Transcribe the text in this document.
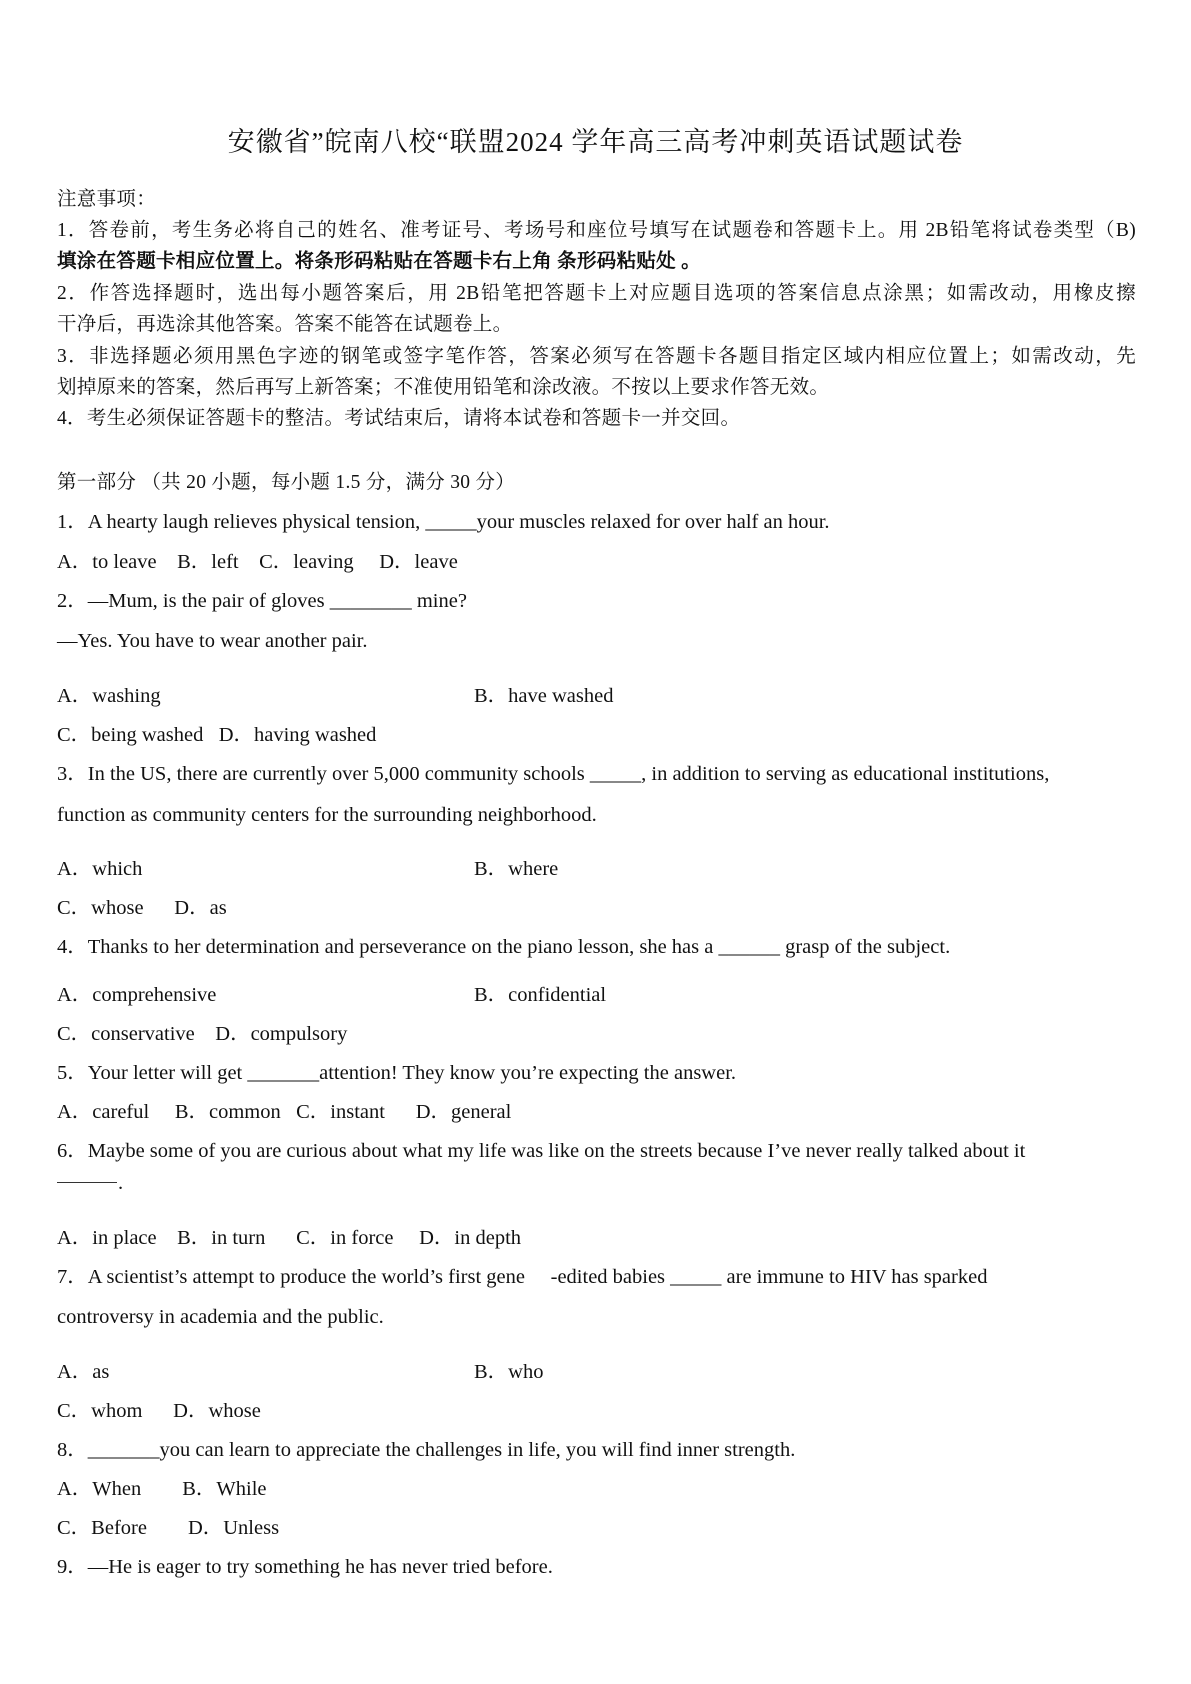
安徽省”皖南八校“联盟2024 学年高三高考冲刺英语试题试卷
注意事项：
1．答卷前，考生务必将自己的姓名、准考证号、考场号和座位号填写在试题卷和答题卡上。用 2B铅笔将试卷类型（B)
填涂在答题卡相应位置上。将条形码粘贴在答题卡右上角 条形码粘贴处 。
2．作答选择题时，选出每小题答案后，用 2B铅笔把答题卡上对应题目选项的答案信息点涂黑；如需改动，用橡皮擦
干净后，再选涂其他答案。答案不能答在试题卷上。
3．非选择题必须用黑色字迹的钢笔或签字笔作答，答案必须写在答题卡各题目指定区域内相应位置上；如需改动，先
划掉原来的答案，然后再写上新答案；不准使用铅笔和涂改液。不按以上要求作答无效。
4．考生必须保证答题卡的整洁。考试结束后，请将本试卷和答题卡一并交回。
第一部分 （共 20 小题，每小题 1.5 分，满分 30 分）
1．A hearty laugh relieves physical tension, _____your muscles relaxed for over half an hour.
A．to leave    B．left    C．leaving     D．leave
2．—Mum, is the pair of gloves ________ mine?
—Yes. You have to wear another pair.
A．washing	B．have washed
C．being washed   D．having washed
3．In the US, there are currently over 5,000 community schools _____, in addition to serving as educational institutions,
function as community centers for the surrounding neighborhood.
A．which	B．where
C．whose      D．as
4．Thanks to her determination and perseverance on the piano lesson, she has a ______ grasp of the subject.
A．comprehensive	B．confidential
C．conservative    D．compulsory
5．Your letter will get _______attention! They know you’re expecting the answer.
A．careful     B．common   C．instant      D．general
6．Maybe some of you are curious about what my life was like on the streets because I’ve never really talked about it
.
A．in place    B．in turn      C．in force     D．in depth
7．A scientist’s attempt to produce the world’s first gene     -edited babies _____ are immune to HIV has sparked
controversy in academia and the public.
A．as	B．who
C．whom      D．whose
8．_______you can learn to appreciate the challenges in life, you will find inner strength.
A．When        B．While
C．Before        D．Unless
9．—He is eager to try something he has never tried before.
